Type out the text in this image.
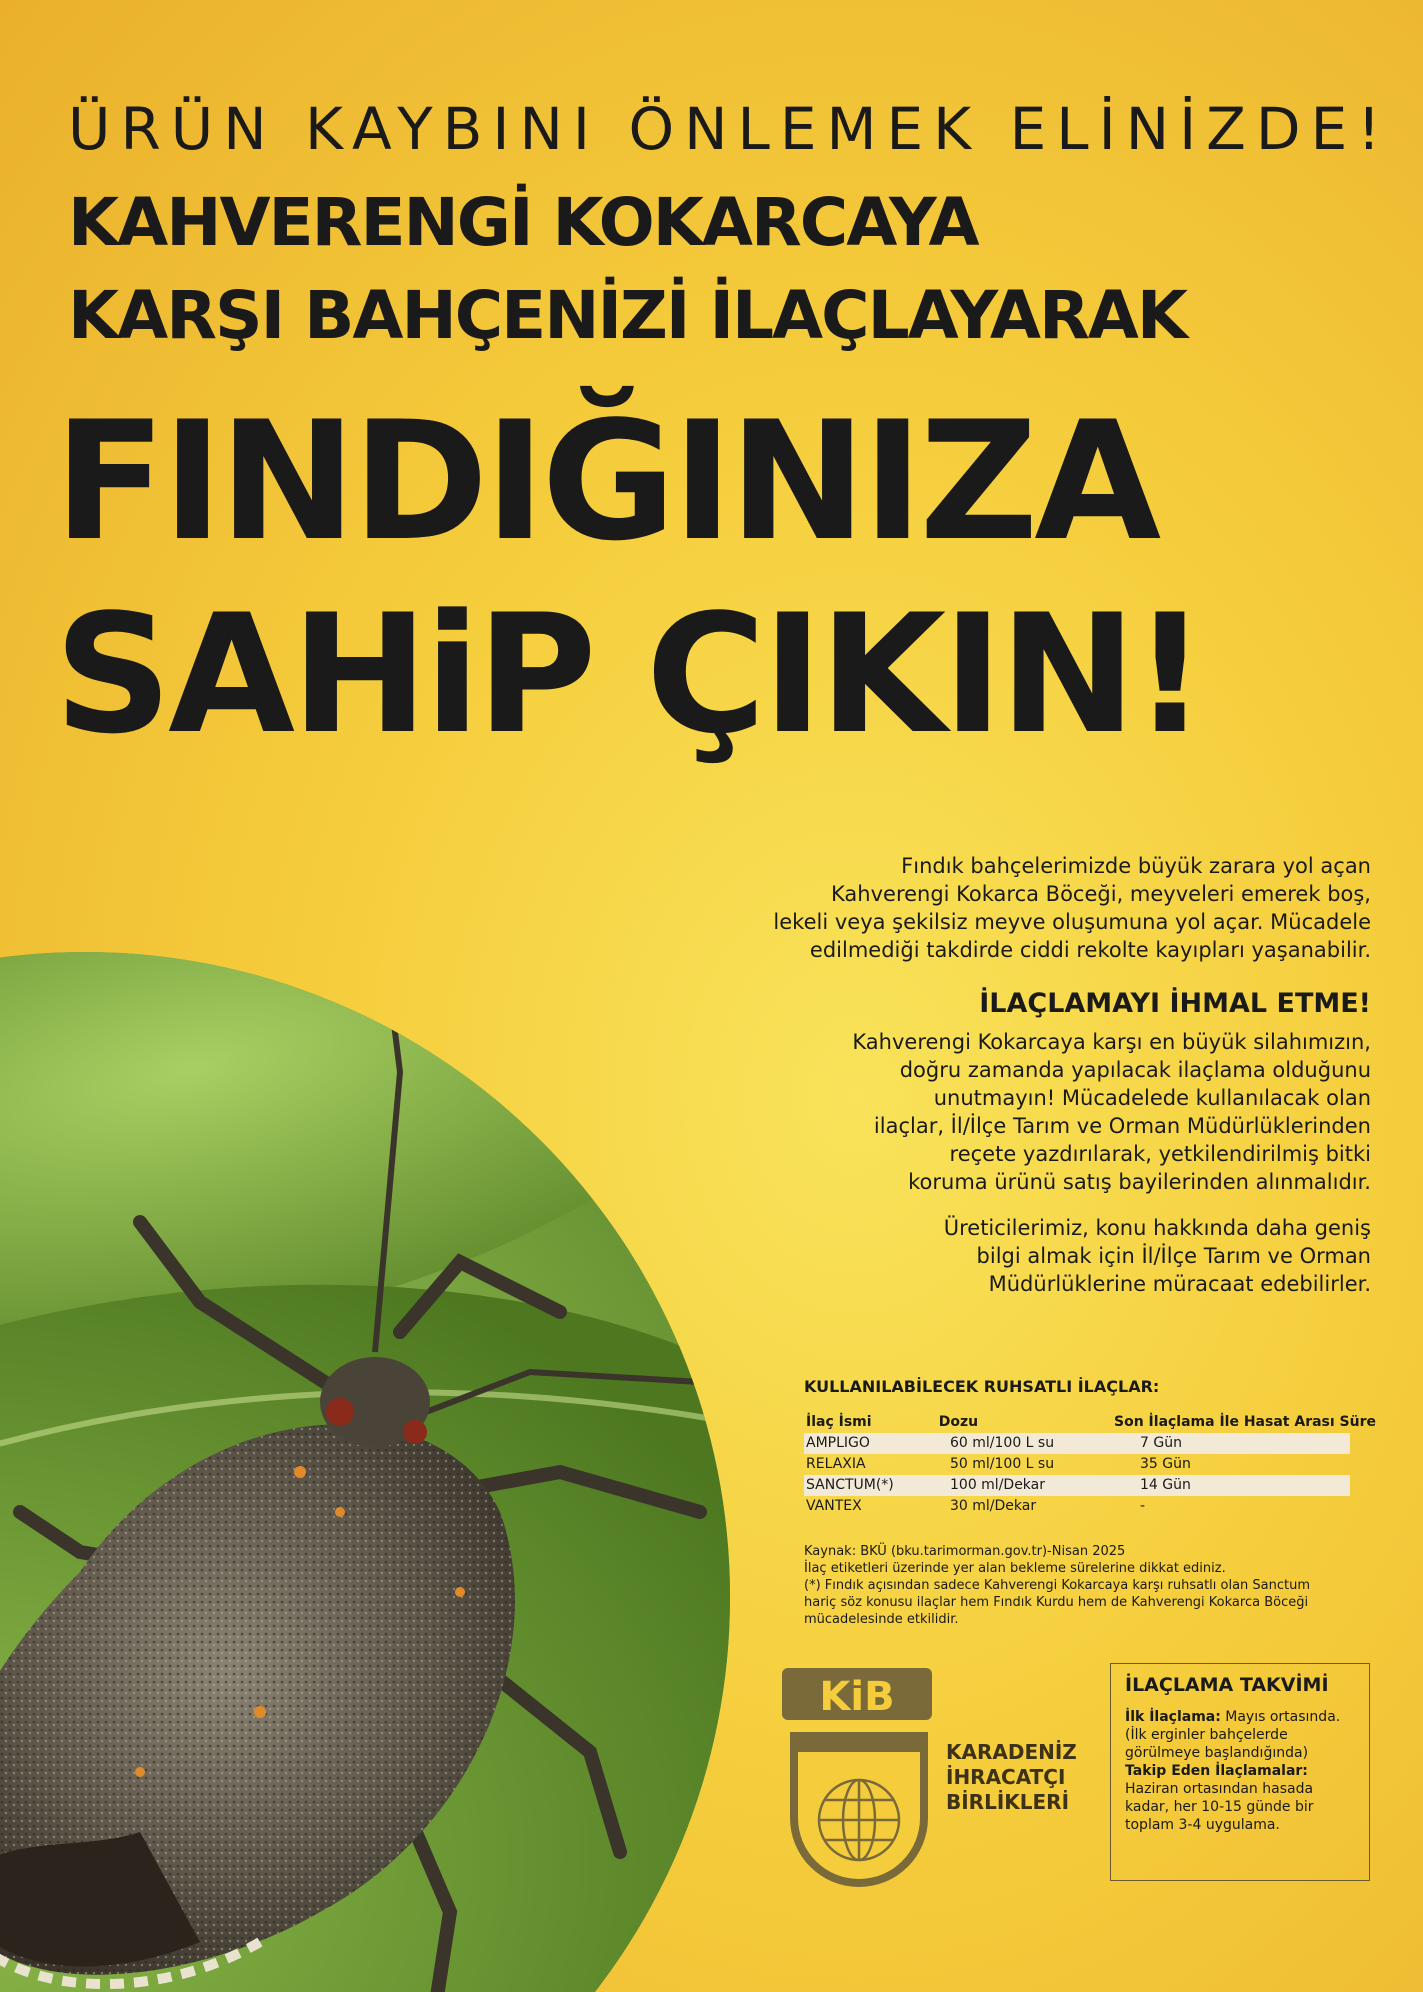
ÜRÜN KAYBINI ÖNLEMEK ELİNİZDE!
KAHVERENGİ KOKARCAYA
KARŞI BAHÇENİZİ İLAÇLAYARAK
FINDIĞINIZA
SAHiP ÇIKIN!
Fındık bahçelerimizde büyük zarara yol açan
Kahverengi Kokarca Böceği, meyveleri emerek boş,
lekeli veya şekilsiz meyve oluşumuna yol açar. Mücadele
edilmediği takdirde ciddi rekolte kayıpları yaşanabilir.
İLAÇLAMAYI İHMAL ETME!
Kahverengi Kokarcaya karşı en büyük silahımızın,
doğru zamanda yapılacak ilaçlama olduğunu
unutmayın! Mücadelede kullanılacak olan
ilaçlar, İl/İlçe Tarım ve Orman Müdürlüklerinden
reçete yazdırılarak, yetkilendirilmiş bitki
koruma ürünü satış bayilerinden alınmalıdır.
Üreticilerimiz, konu hakkında daha geniş
bilgi almak için İl/İlçe Tarım ve Orman
Müdürlüklerine müracaat edebilirler.
KULLANILABİLECEK RUHSATLI İLAÇLAR:
İlaç İsmi	Dozu	Son İlaçlama İle Hasat Arası Süre
AMPLIGO	60 ml/100 L su	7 Gün
RELAXIA	50 ml/100 L su	35 Gün
SANCTUM(*)	100 ml/Dekar	14 Gün
VANTEX	30 ml/Dekar	-
Kaynak: BKÜ (bku.tarimorman.gov.tr)-Nisan 2025
İlaç etiketleri üzerinde yer alan bekleme sürelerine dikkat ediniz.
(*) Fındık açısından sadece Kahverengi Kokarcaya karşı ruhsatlı olan Sanctum
hariç söz konusu ilaçlar hem Fındık Kurdu hem de Kahverengi Kokarca Böceği
mücadelesinde etkilidir.
KiB
KARADENİZ
İHRACATÇI
BİRLİKLERİ
İLAÇLAMA TAKVİMİ
İlk İlaçlama: Mayıs ortasında.
(İlk erginler bahçelerde
görülmeye başlandığında)
Takip Eden İlaçlamalar:
Haziran ortasından hasada
kadar, her 10-15 günde bir
toplam 3-4 uygulama.
